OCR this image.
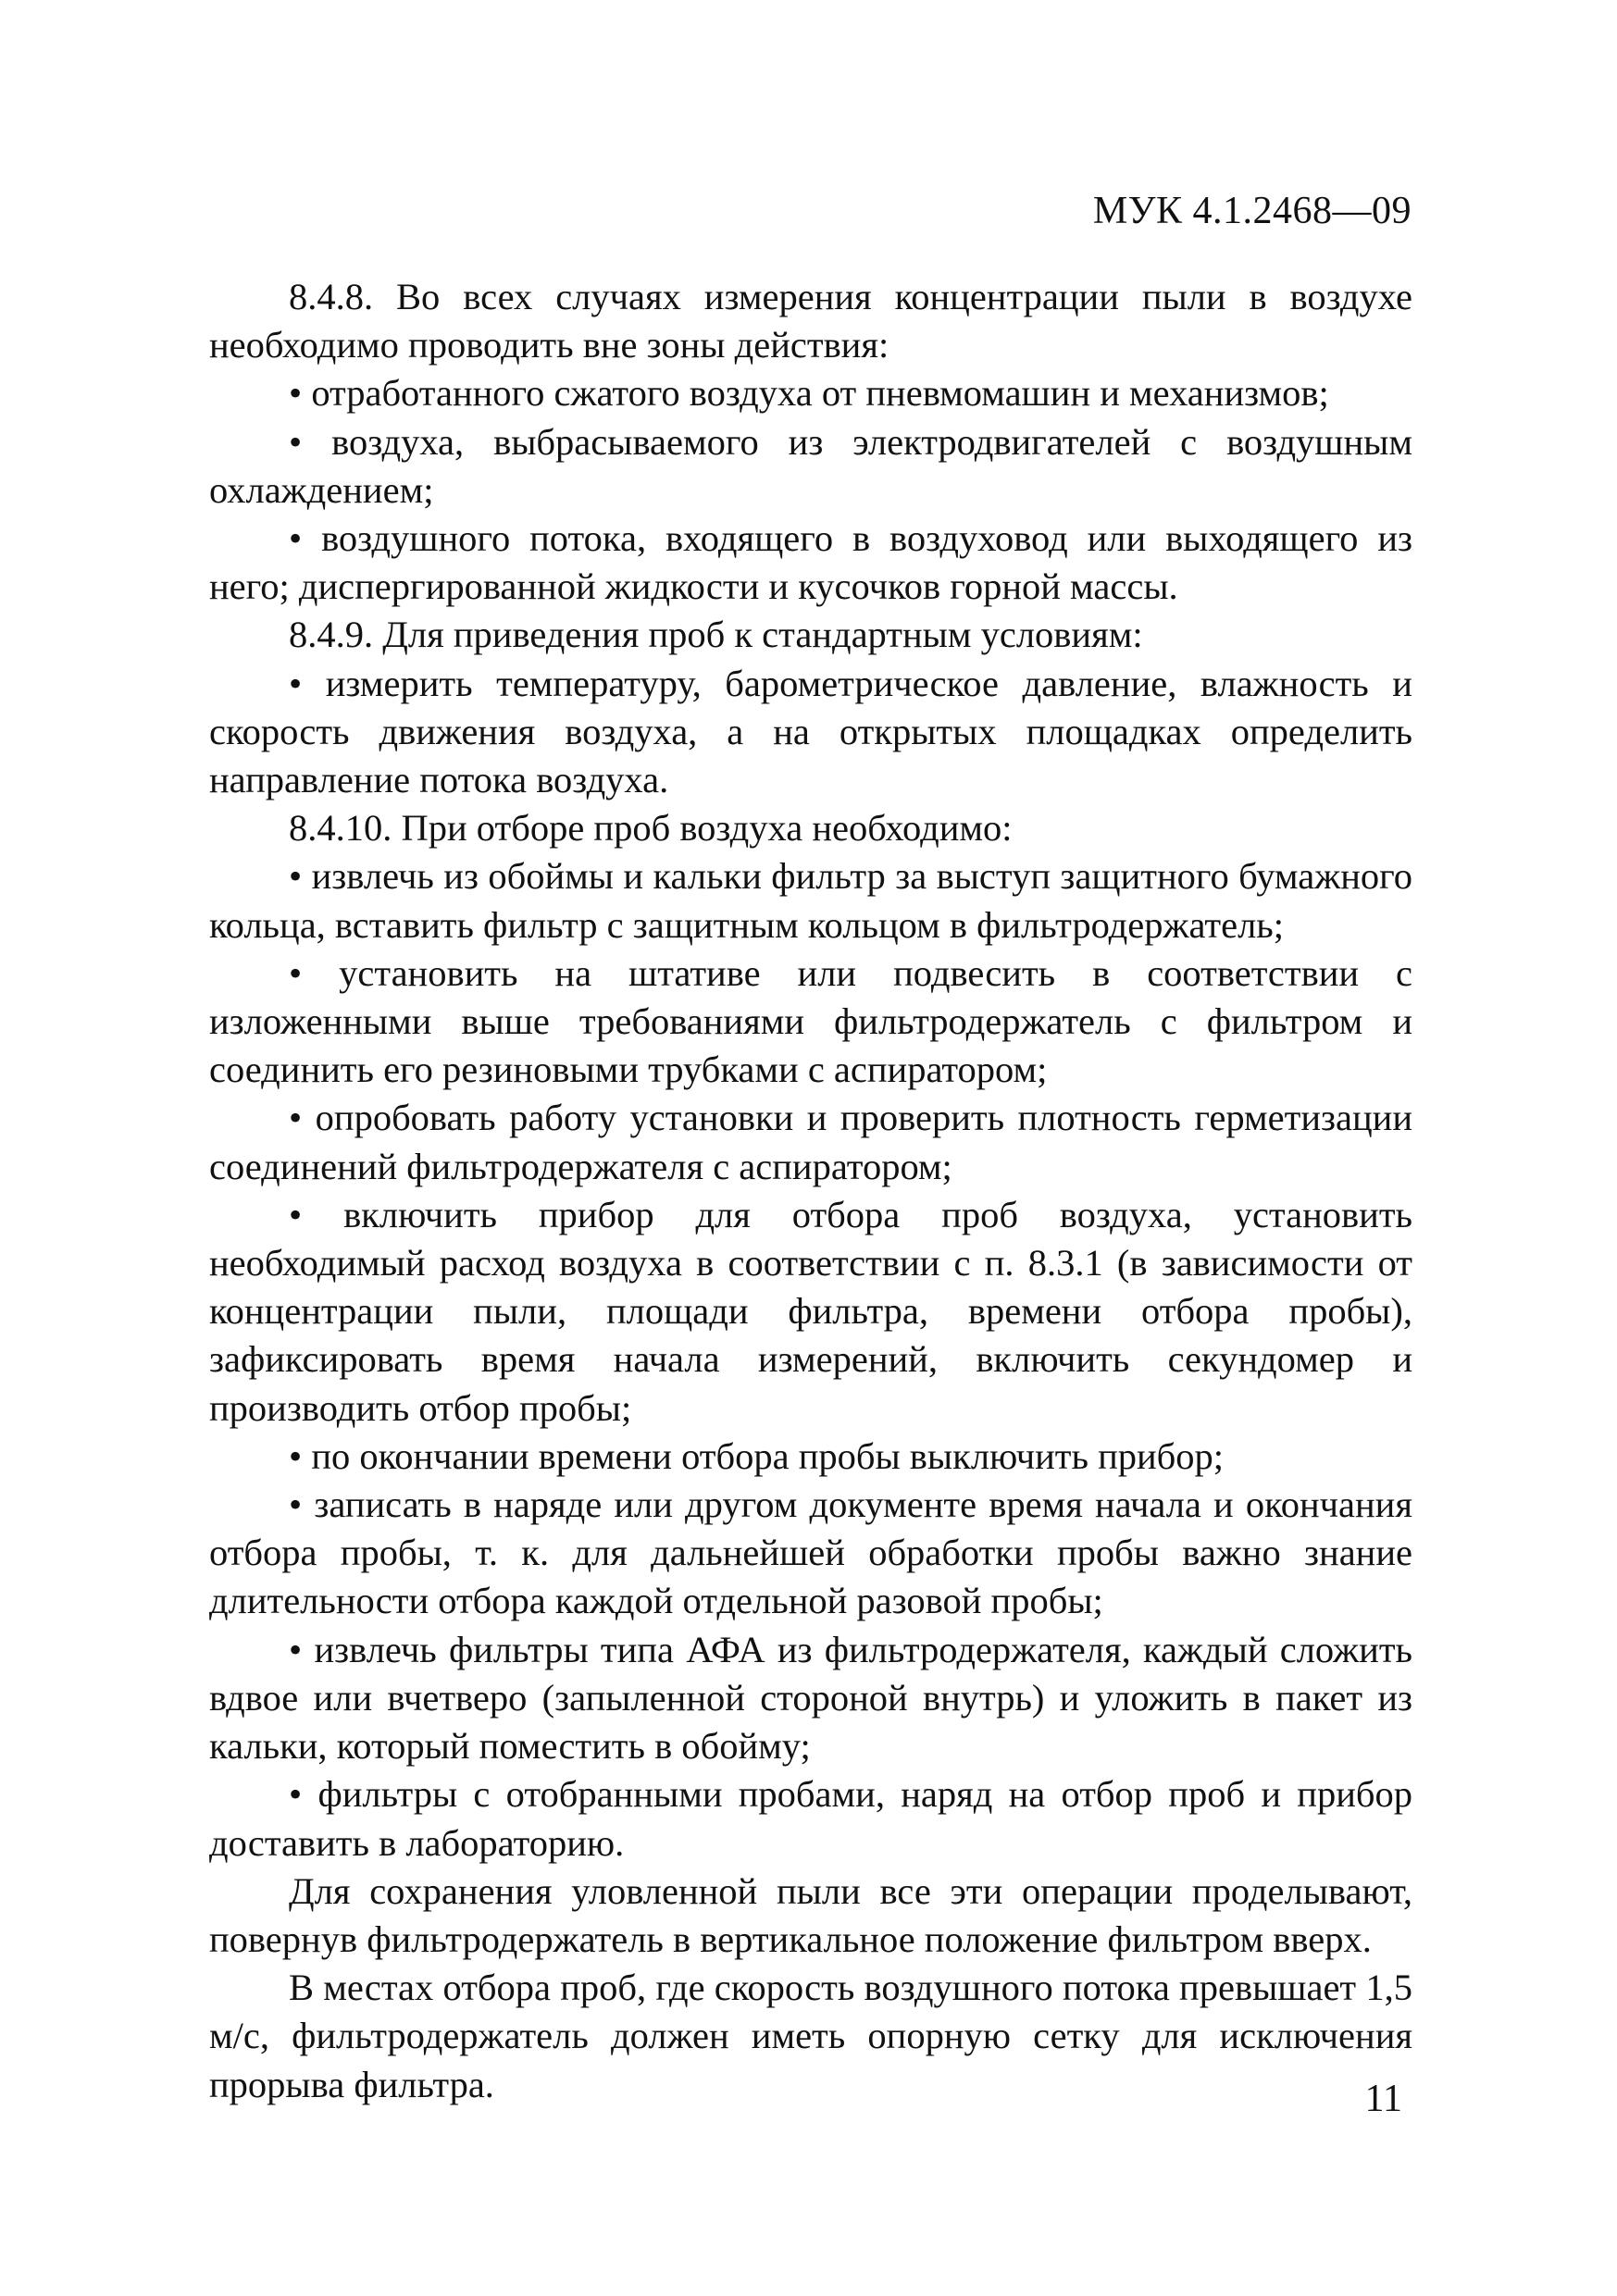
МУК 4.1.2468—09

8.4.8. Во всех случаях измерения концентрации пыли в воздухе необходимо проводить вне зоны действия:

• отработанного сжатого воздуха от пневмомашин и механизмов;

• воздуха, выбрасываемого из электродвигателей с воздушным охлаждением;

• воздушного потока, входящего в воздуховод или выходящего из него; диспергированной жидкости и кусочков горной массы.

8.4.9. Для приведения проб к стандартным условиям:

• измерить температуру, барометрическое давление, влажность и скорость движения воздуха, а на открытых площадках определить направление потока воздуха.

8.4.10. При отборе проб воздуха необходимо:

• извлечь из обоймы и кальки фильтр за выступ защитного бумажного кольца, вставить фильтр с защитным кольцом в фильтродержатель;

• установить на штативе или подвесить в соответствии с изложенными выше требованиями фильтродержатель с фильтром и соединить его резиновыми трубками с аспиратором;

• опробовать работу установки и проверить плотность герметизации соединений фильтродержателя с аспиратором;

• включить прибор для отбора проб воздуха, установить необходимый расход воздуха в соответствии с п. 8.3.1 (в зависимости от концентрации пыли, площади фильтра, времени отбора пробы), зафиксировать время начала измерений, включить секундомер и производить отбор пробы;

• по окончании времени отбора пробы выключить прибор;

• записать в наряде или другом документе время начала и окончания отбора пробы, т. к. для дальнейшей обработки пробы важно знание длительности отбора каждой отдельной разовой пробы;

• извлечь фильтры типа АФА из фильтродержателя, каждый сложить вдвое или вчетверо (запыленной стороной внутрь) и уложить в пакет из кальки, который поместить в обойму;

• фильтры с отобранными пробами, наряд на отбор проб и прибор доставить в лабораторию.

Для сохранения уловленной пыли все эти операции проделывают, повернув фильтродержатель в вертикальное положение фильтром вверх.

В местах отбора проб, где скорость воздушного потока превышает 1,5 м/с, фильтродержатель должен иметь опорную сетку для исключения прорыва фильтра.	11
